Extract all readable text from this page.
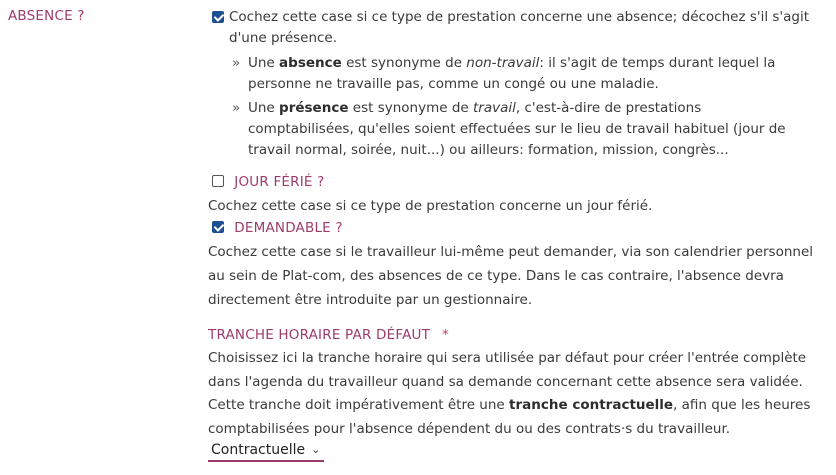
ABSENCE ?	Cochez cette case si ce type de prestation concerne une absence; décochez s'il s'agit d'une présence.
» Une absence est synonyme de non-travail: il s'agit de temps durant lequel la personne ne travaille pas, comme un congé ou une maladie.
» Une présence est synonyme de travail, c'est-à-dire de prestations comptabilisées, qu'elles soient effectuées sur le lieu de travail habituel (jour de travail normal, soirée, nuit...) ou ailleurs: formation, mission, congrès...
JOUR FÉRIÉ ?
Cochez cette case si ce type de prestation concerne un jour férié.
DEMANDABLE ?
Cochez cette case si le travailleur lui-même peut demander, via son calendrier personnel au sein de Plat-com, des absences de ce type. Dans le cas contraire, l'absence devra directement être introduite par un gestionnaire.
TRANCHE HORAIRE PAR DÉFAUT *
Choisissez ici la tranche horaire qui sera utilisée par défaut pour créer l'entrée complète dans l'agenda du travailleur quand sa demande concernant cette absence sera validée. Cette tranche doit impérativement être une tranche contractuelle, afin que les heures comptabilisées pour l'absence dépendent du ou des contrats·s du travailleur.
Contractuelle ⌄
